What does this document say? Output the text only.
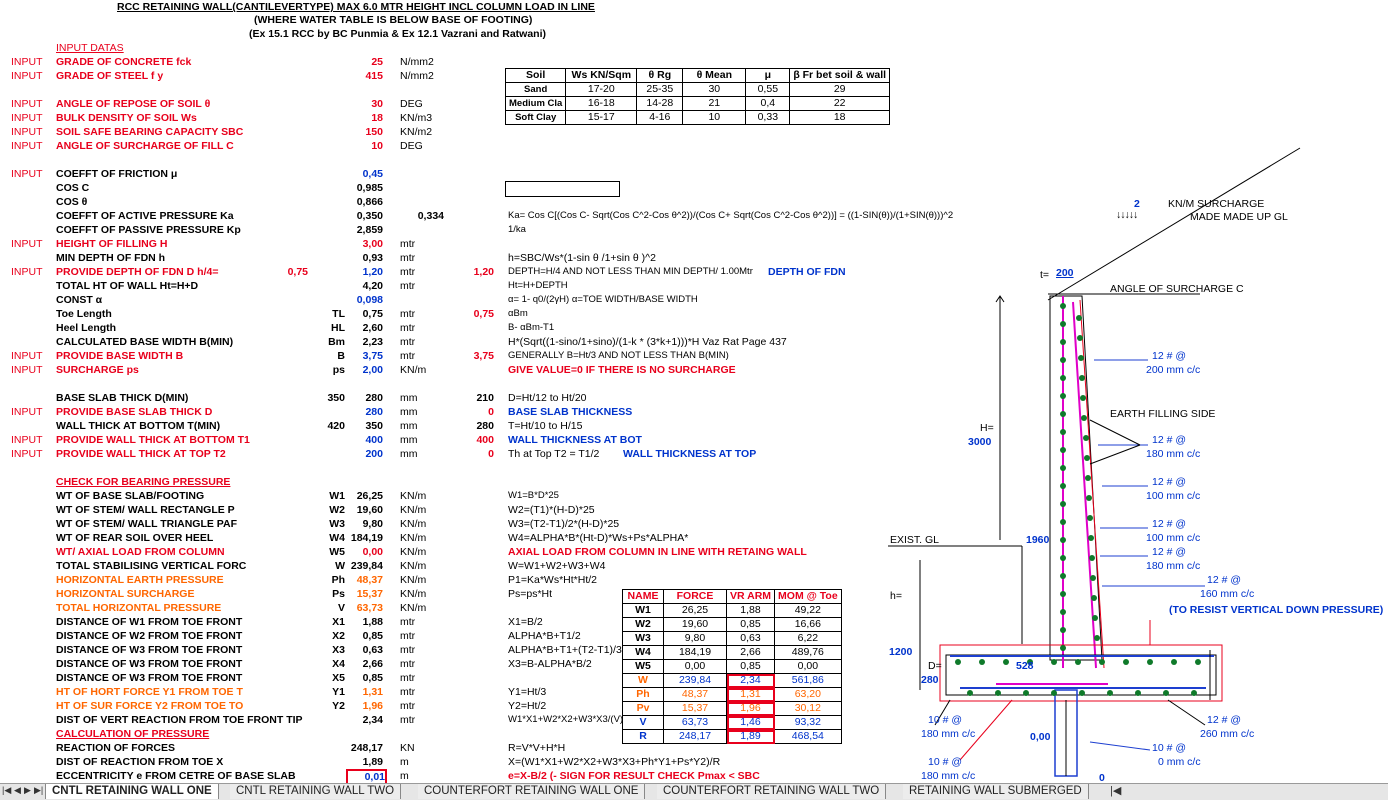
RCC RETAINING WALL(CANTILEVERTYPE) MAX 6.0 MTR HEIGHT INCL COLUMN LOAD IN LINE
(WHERE WATER TABLE IS BELOW BASE OF FOOTING)
(Ex 15.1 RCC by BC Punmia & Ex 12.1 Vazrani and Ratwani)
INPUT DATAS
INPUT GRADE OF CONCRETE fck	25 N/mm2
INPUT GRADE OF STEEL f y	415 N/mm2
INPUT ANGLE OF REPOSE OF SOIL θ	30 DEG
INPUT BULK DENSITY OF SOIL Ws	18 KN/m3
INPUT SOIL SAFE BEARING CAPACITY SBC	150 KN/m2
INPUT ANGLE OF SURCHARGE OF FILL C	10 DEG
INPUT COEFFT OF FRICTION μ	0,45
COS C	0,985
COS θ	0,866
COEFFT OF ACTIVE PRESSURE Ka	0,350	0,334
COEFFT OF PASSIVE PRESSURE Kp	2,859
INPUT HEIGHT OF FILLING H	3,00 mtr
MIN DEPTH OF FDN h	0,93 mtr
INPUT PROVIDE DEPTH OF FDN D h/4=	0,75	1,20 mtr	1,20
TOTAL HT OF WALL Ht=H+D	4,20 mtr
CONST α	0,098
Toe Length	TL	0,75 mtr	0,75
Heel Length	HL	2,60 mtr
CALCULATED BASE WIDTH B(MIN)	Bm	2,23 mtr
INPUT PROVIDE BASE WIDTH B	B	3,75 mtr	3,75
INPUT SURCHARGE ps	ps	2,00 KN/m
BASE SLAB THICK D(MIN)	350	280 mm	210
INPUT PROVIDE BASE SLAB THICK D	280 mm	0
WALL THICK AT BOTTOM T(MIN)	420	350 mm	280
INPUT PROVIDE WALL THICK AT BOTTOM T1	400 mm	400
INPUT PROVIDE WALL THICK AT TOP T2	200 mm	0
CHECK FOR BEARING PRESSURE
WT OF BASE SLAB/FOOTING	W1	26,25 KN/m
WT OF STEM/ WALL RECTANGLE P	W2	19,60 KN/m
WT OF STEM/ WALL TRIANGLE PAF	W3	9,80 KN/m
WT OF REAR SOIL OVER HEEL	W4 184,19 KN/m
WT/ AXIAL LOAD FROM COLUMN	W5	0,00 KN/m
TOTAL STABILISING VERTICAL FORC	W 239,84 KN/m
HORIZONTAL EARTH PRESSURE	Ph	48,37 KN/m
HORIZONTAL SURCHARGE	Ps	15,37 KN/m
TOTAL HORIZONTAL PRESSURE	V	63,73 KN/m
DISTANCE OF W1 FROM TOE FRONT	X1	1,88 mtr
DISTANCE OF W2 FROM TOE FRONT	X2	0,85 mtr
DISTANCE OF W3 FROM TOE FRONT	X3	0,63 mtr
DISTANCE OF W3 FROM TOE FRONT	X4	2,66 mtr
DISTANCE OF W3 FROM TOE FRONT	X5	0,85 mtr
HT OF HORT FORCE Y1 FROM TOE T	Y1	1,31 mtr
HT OF SUR FORCE Y2 FROM TOE TO	Y2	1,96 mtr
DIST OF VERT REACTION FROM TOE FRONT TIP	2,34 mtr
CALCULATION OF PRESSURE
REACTION OF FORCES	248,17 KN
DIST OF REACTION FROM TOE X	1,89 m
ECCENTRICITY e FROM CETRE OF BASE SLAB	0,01 m
Ka= Cos C[(Cos C- Sqrt(Cos C^2-Cos θ^2))/(Cos C+ Sqrt(Cos C^2-Cos θ^2))] = ((1-SIN(θ))/(1+SIN(θ)))^2
1/ka
h=SBC/Ws*(1-sin θ /1+sin θ )^2
DEPTH=H/4 AND NOT LESS THAN MIN DEPTH/ 1.00Mtr
Ht=H+DEPTH
α= 1- q0/(2γH) α=TOE WIDTH/BASE WIDTH
αBm
B- αBm-T1
H*(Sqrt((1-sino/1+sino)/(1-k * (3*k+1)))*H Vaz Rat Page 437
GENERALLY B=Ht/3 AND NOT LESS THAN B(MIN)
D=Ht/12 to Ht/20
T=Ht/10 to H/15
Th at Top T2 = T1/2
W1=B*D*25
W2=(T1)*(H-D)*25
W3=(T2-T1)/2*(H-D)*25
W4=ALPHA*B*(Ht-D)*Ws+Ps*ALPHA*
W=W1+W2+W3+W4
P1=Ka*Ws*Ht*Ht/2
Ps=ps*Ht
X1=B/2
ALPHA*B+T1/2
ALPHA*B+T1+(T2-T1)/3
X3=B-ALPHA*B/2
Y1=Ht/3
Y2=Ht/2
W1*X1+W2*X2+W3*X3/(V)
R=V*V+H*H
X=(W1*X1+W2*X2+W3*X3+Ph*Y1+Ps*Y2)/R
DEPTH OF FDN
GIVE VALUE=0 IF THERE IS NO SURCHARGE
BASE SLAB THICKNESS
WALL THICKNESS AT BOT
WALL THICKNESS AT TOP
AXIAL LOAD FROM COLUMN IN LINE WITH RETAING WALL
e=X-B/2 (- SIGN FOR RESULT CHECK Pmax < SBC
Soil	Ws KN/Sqm	θ Rg	θ Mean	μ	β Fr bet soil & wall
Sand	17-20	25-35	30	0,55	29
Medium Cla	16-18	14-28	21	0,4	22
Soft Clay	15-17	4-16	10	0,33	18
NAME	FORCE	VR ARM	MOM @ Toe
W1	26,25	1,88	49,22
W2	19,60	0,85	16,66
W3	9,80	0,63	6,22
W4	184,19	2,66	489,76
W5	0,00	0,85	0,00
W	239,84	2,34	561,86
Ph	48,37	1,31	63,20
Pv	15,37	1,96	30,12
V	63,73	1,46	93,32
R	248,17	1,89	468,54
2	KN/M SURCHARGE
↓↓↓↓↓	MADE MADE UP GL
t= 200
ANGLE OF SURCHARGE C
EARTH FILLING SIDE
H=
3000
EXIST. GL	1960
h=
1200
D=
280
528
0,00
0
(TO RESIST VERTICAL DOWN PRESSURE)
12 # @
200 mm c/c
12 # @
180 mm c/c
12 # @
100 mm c/c
12 # @
100 mm c/c
12 # @
180 mm c/c
12 # @
160 mm c/c
10 # @
180 mm c/c
12 # @
260 mm c/c
10 # @
0 mm c/c
10 # @
180 mm c/c
|◀ ◀ ▶ ▶| CNTL RETAINING WALL ONE	CNTL RETAINING WALL TWO	COUNTERFORT RETAINING WALL ONE	COUNTERFORT RETAINING WALL TWO	RETAINING WALL SUBMERGED	|◀
